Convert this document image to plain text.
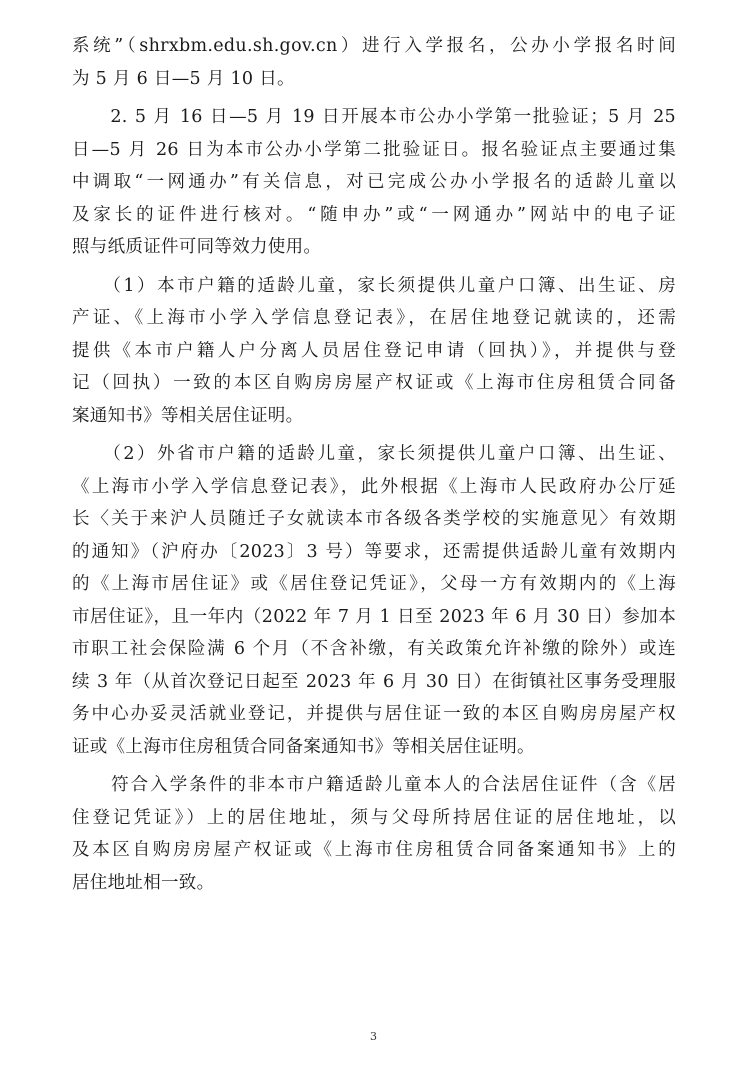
系统”（shrxbm.edu.sh.gov.cn）进行入学报名，公办小学报名时间
为 5 月 6 日—5 月 10 日。
　　2. 5 月 16 日—5 月 19 日开展本市公办小学第一批验证；5 月 25
日—5 月 26 日为本市公办小学第二批验证日。报名验证点主要通过集
中调取“一网通办”有关信息，对已完成公办小学报名的适龄儿童以
及家长的证件进行核对。“随申办”或“一网通办”网站中的电子证
照与纸质证件可同等效力使用。
　　（1）本市户籍的适龄儿童，家长须提供儿童户口簿、出生证、房
产证、《上海市小学入学信息登记表》，在居住地登记就读的，还需
提供《本市户籍人户分离人员居住登记申请（回执）》，并提供与登
记（回执）一致的本区自购房房屋产权证或《上海市住房租赁合同备
案通知书》等相关居住证明。
　　（2）外省市户籍的适龄儿童，家长须提供儿童户口簿、出生证、
《上海市小学入学信息登记表》，此外根据《上海市人民政府办公厅延
长〈关于来沪人员随迁子女就读本市各级各类学校的实施意见〉有效期
的通知》（沪府办〔2023〕3 号）等要求，还需提供适龄儿童有效期内
的《上海市居住证》或《居住登记凭证》，父母一方有效期内的《上海
市居住证》，且一年内（2022 年 7 月 1 日至 2023 年 6 月 30 日）参加本
市职工社会保险满 6 个月（不含补缴，有关政策允许补缴的除外）或连
续 3 年（从首次登记日起至 2023 年 6 月 30 日）在街镇社区事务受理服
务中心办妥灵活就业登记，并提供与居住证一致的本区自购房房屋产权
证或《上海市住房租赁合同备案通知书》等相关居住证明。
　　符合入学条件的非本市户籍适龄儿童本人的合法居住证件（含《居
住登记凭证》）上的居住地址，须与父母所持居住证的居住地址，以
及本区自购房房屋产权证或《上海市住房租赁合同备案通知书》上的
居住地址相一致。
3
